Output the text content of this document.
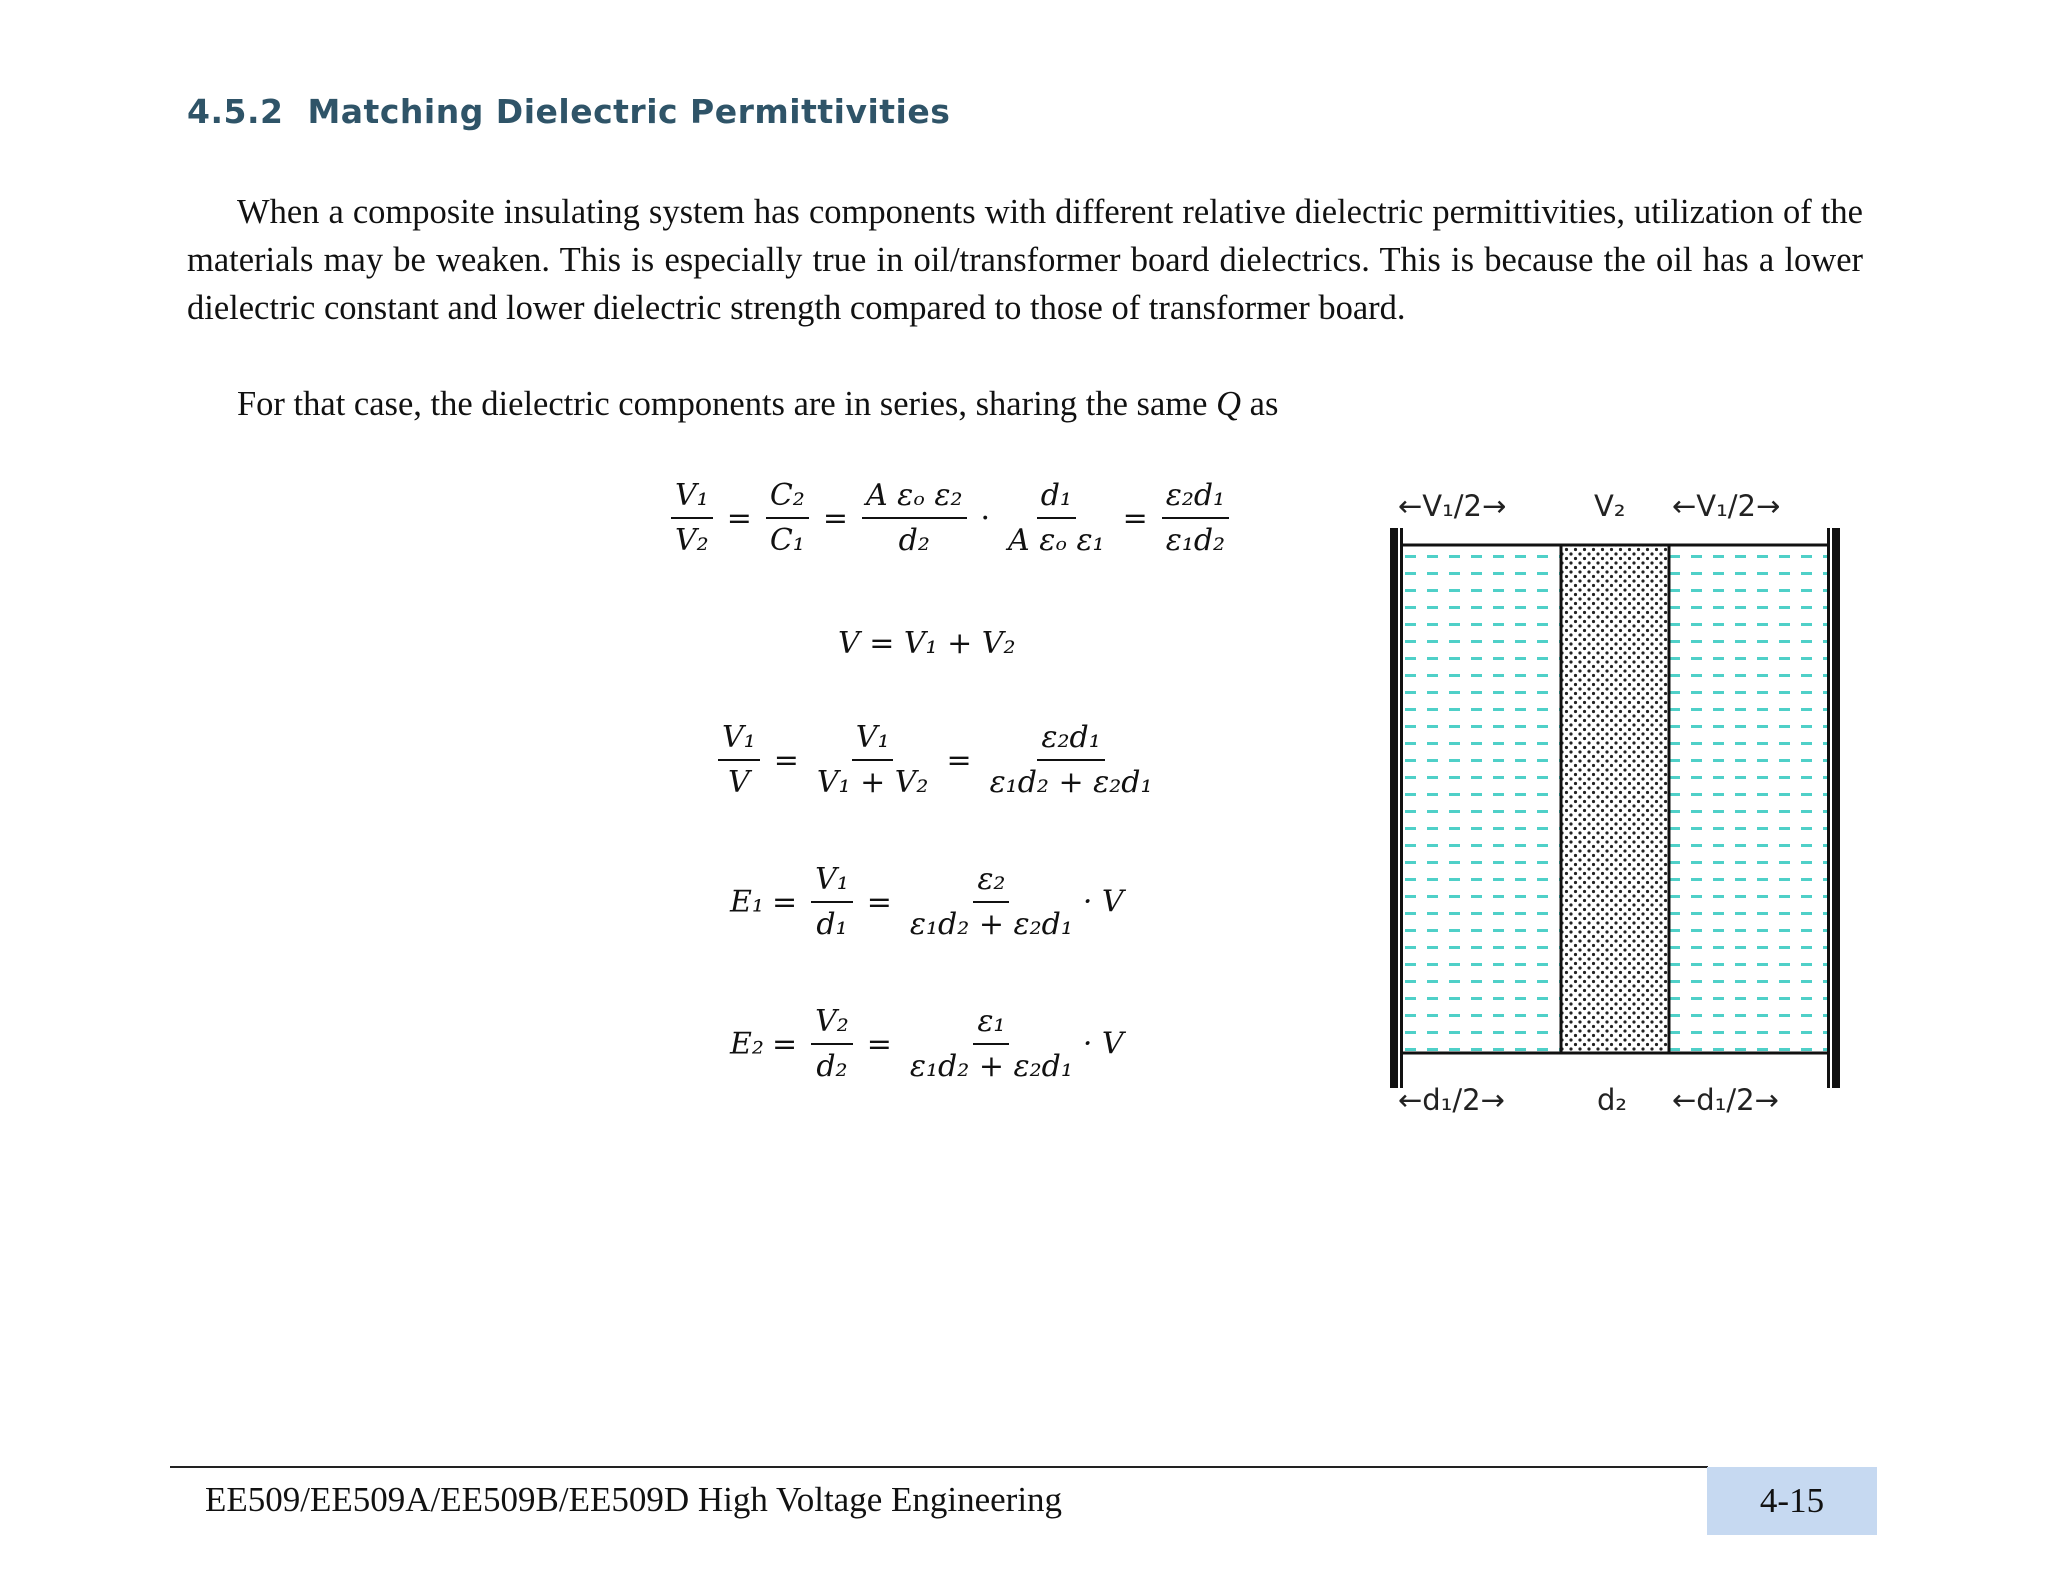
4.5.2 Matching Dielectric Permittivities
When a composite insulating system has components with different relative dielectric permittivities, utilization of the materials may be weaken. This is especially true in oil/transformer board dielectrics. This is because the oil has a lower dielectric constant and lower dielectric strength compared to those of transformer board.
For that case, the dielectric components are in series, sharing the same Q as
$\frac{\text{V₁}}{\text{V₂}} = \frac{\text{C₂}}{\text{C₁}} = \frac{\text{A εₒ ε₂}}{\text{d₂}} \cdot \frac{\text{d₁}}{\text{A εₒ ε₁}} = \frac{\text{ε₂d₁}}{\text{ε₁d₂}}$
V = V₁ + V₂
$\frac{\text{V₁}}{V} = \frac{\text{V₁}}{\text{V₁ + V₂}} = \frac{\text{ε₂d₁}}{\text{ε₁d₂ + ε₂d₁}}$
$E_1 = \frac{\text{V₁}}{\text{d₁}} = \frac{\text{ε₂}}{\text{ε₁d₂ + ε₂d₁}} \cdot V$
$E_2 = \frac{\text{V₂}}{\text{d₂}} = \frac{\text{ε₁}}{\text{ε₁d₂ + ε₂d₁}} \cdot V$
←V₁/2→	V₂ ←V₁/2→
←d₁/2→	d₂ ←d₁/2→
EE509/EE509A/EE509B/EE509D High Voltage Engineering	4-15
